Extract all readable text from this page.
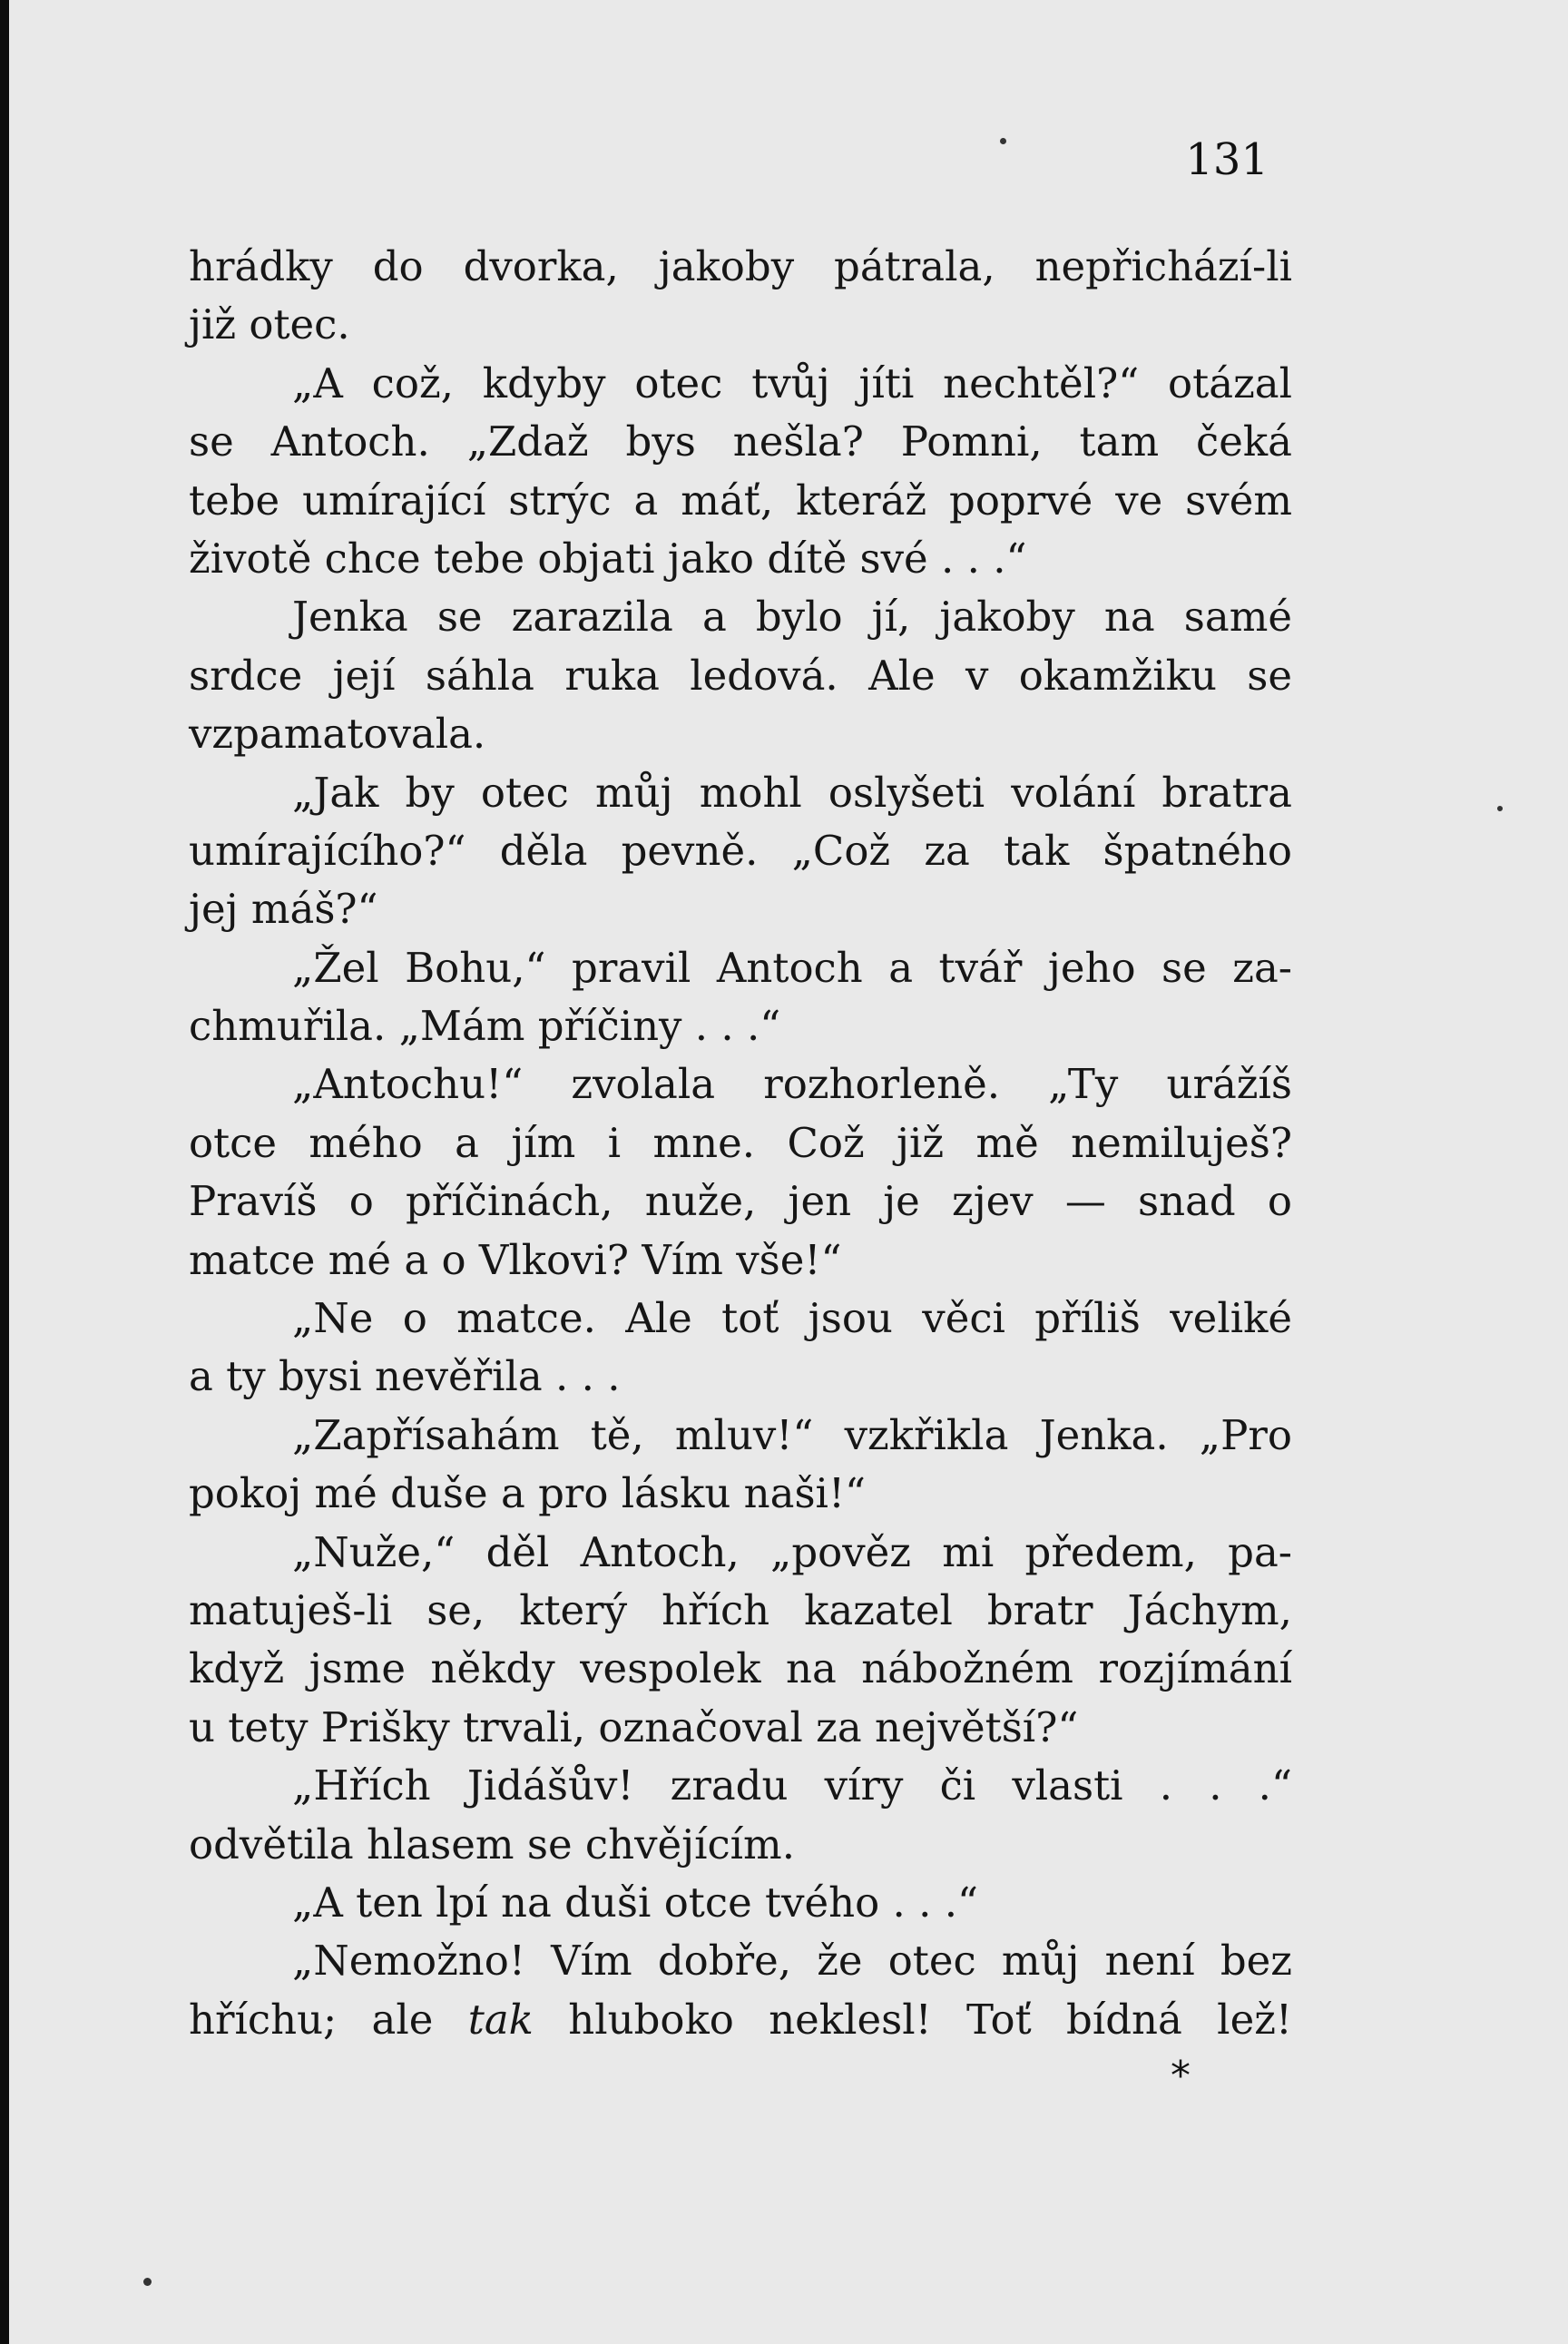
131
hrádky do dvorka, jakoby pátrala, nepřichází-li
již otec.
„A což, kdyby otec tvůj jíti nechtěl?“ otázal
se Antoch. „Zdaž bys nešla? Pomni, tam čeká
tebe umírající strýc a máť, kteráž poprvé ve svém
životě chce tebe objati jako dítě své . . .“
Jenka se zarazila a bylo jí, jakoby na samé
srdce její sáhla ruka ledová. Ale v okamžiku se
vzpamatovala.
„Jak by otec můj mohl oslyšeti volání bratra
umírajícího?“ děla pevně. „Což za tak špatného
jej máš?“
„Žel Bohu,“ pravil Antoch a tvář jeho se za-
chmuřila. „Mám příčiny . . .“
„Antochu!“ zvolala rozhorleně. „Ty urážíš
otce mého a jím i mne. Což již mě nemiluješ?
Pravíš o příčinách, nuže, jen je zjev — snad o
matce mé a o Vlkovi? Vím vše!“
„Ne o matce. Ale toť jsou věci příliš veliké
a ty bysi nevěřila . . .
„Zapřísahám tě, mluv!“ vzkřikla Jenka. „Pro
pokoj mé duše a pro lásku naši!“
„Nuže,“ děl Antoch, „pověz mi předem, pa-
matuješ-li se, který hřích kazatel bratr Jáchym,
když jsme někdy vespolek na nábožném rozjímání
u tety Prišky trvali, označoval za největší?“
„Hřích Jidášův! zradu víry či vlasti . . .“
odvětila hlasem se chvějícím.
„A ten lpí na duši otce tvého . . .“
„Nemožno! Vím dobře, že otec můj není bez
hříchu; ale tak hluboko neklesl! Toť bídná lež!
*
